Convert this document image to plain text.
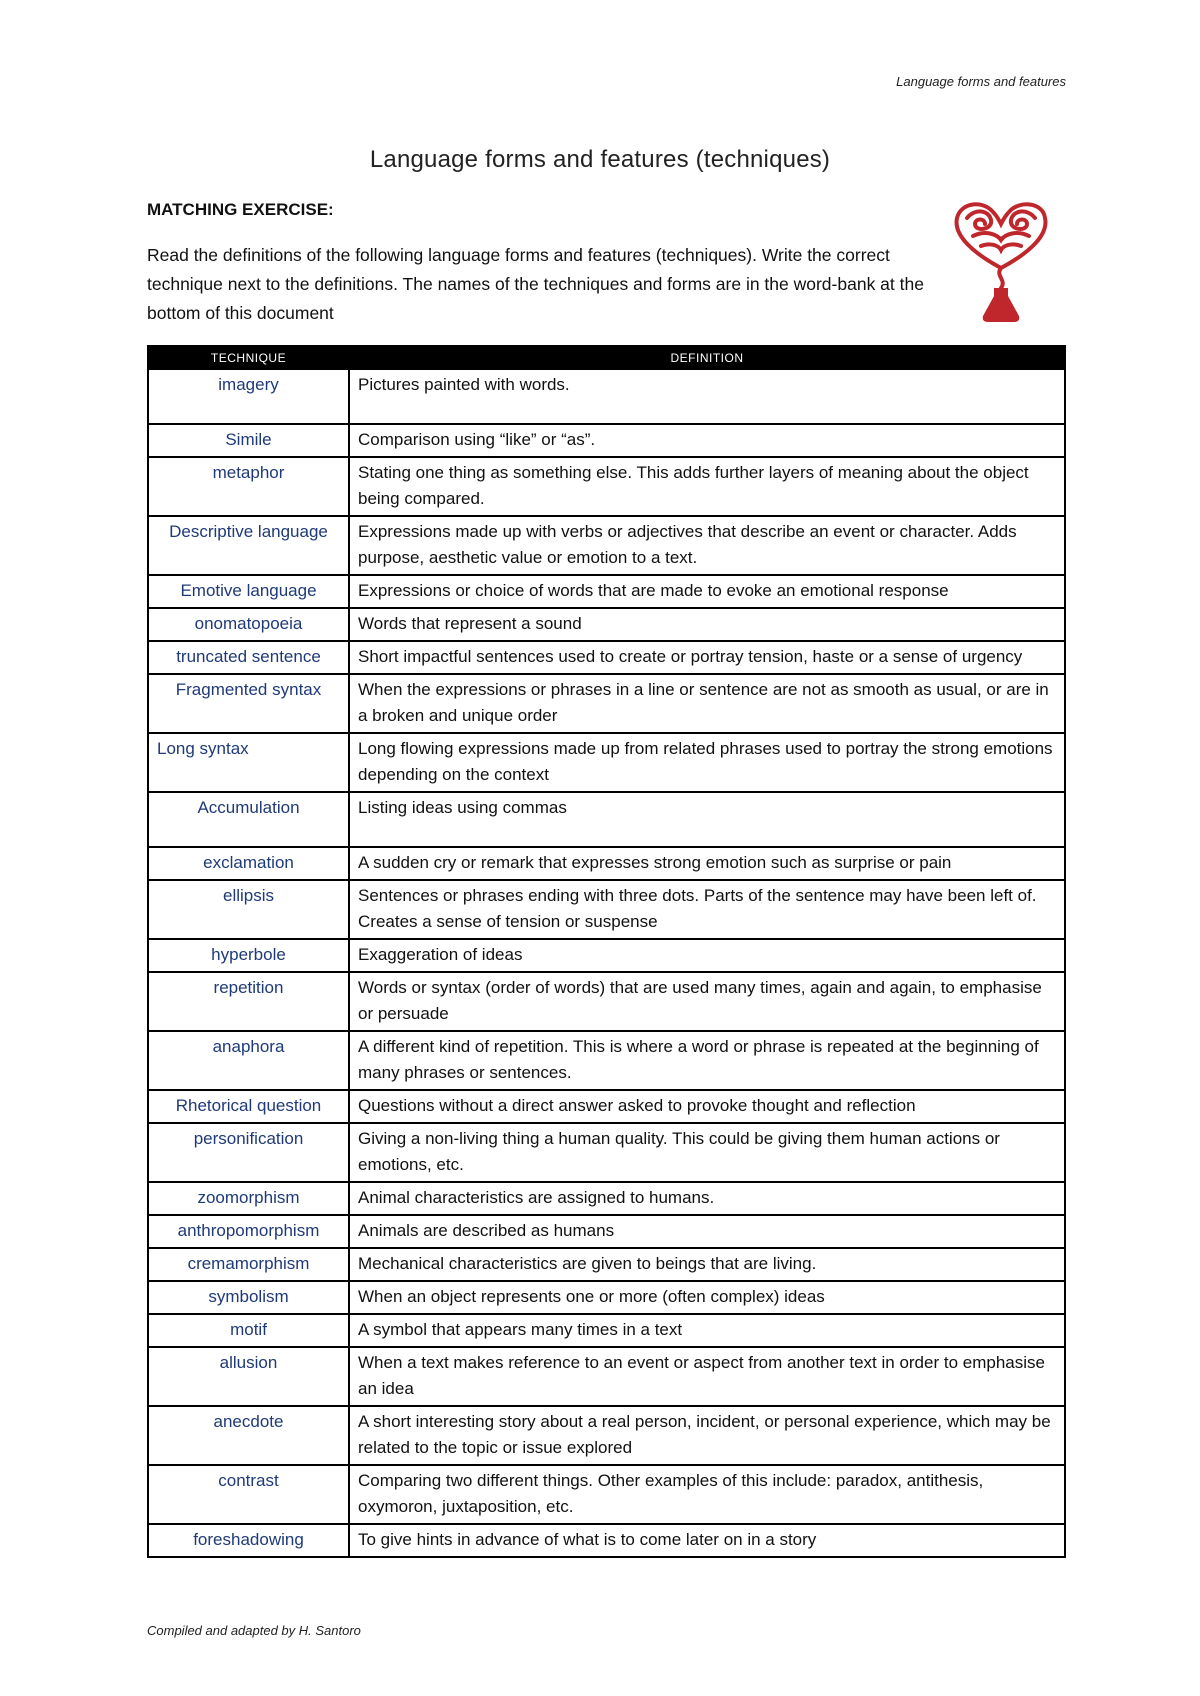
Language forms and features
Language forms and features (techniques)
MATCHING EXERCISE:
Read the definitions of the following language forms and features (techniques). Write the correct technique next to the definitions. The names of the techniques and forms are in the word-bank at the bottom of this document
TECHNIQUE	DEFINITION
imagery	Pictures painted with words.
Simile	Comparison using “like” or “as”.
metaphor	Stating one thing as something else. This adds further layers of meaning about the object being compared.
Descriptive language	Expressions made up with verbs or adjectives that describe an event or character. Adds purpose, aesthetic value or emotion to a text.
Emotive language	Expressions or choice of words that are made to evoke an emotional response
onomatopoeia	Words that represent a sound
truncated sentence	Short impactful sentences used to create or portray tension, haste or a sense of urgency
Fragmented syntax	When the expressions or phrases in a line or sentence are not as smooth as usual, or are in a broken and unique order
Long syntax	Long flowing expressions made up from related phrases used to portray the strong emotions depending on the context
Accumulation	Listing ideas using commas
exclamation	A sudden cry or remark that expresses strong emotion such as surprise or pain
ellipsis	Sentences or phrases ending with three dots. Parts of the sentence may have been left of. Creates a sense of tension or suspense
hyperbole	Exaggeration of ideas
repetition	Words or syntax (order of words) that are used many times, again and again, to emphasise or persuade
anaphora	A different kind of repetition. This is where a word or phrase is repeated at the beginning of many phrases or sentences.
Rhetorical question	Questions without a direct answer asked to provoke thought and reflection
personification	Giving a non-living thing a human quality. This could be giving them human actions or emotions, etc.
zoomorphism	Animal characteristics are assigned to humans.
anthropomorphism	Animals are described as humans
cremamorphism	Mechanical characteristics are given to beings that are living.
symbolism	When an object represents one or more (often complex) ideas
motif	A symbol that appears many times in a text
allusion	When a text makes reference to an event or aspect from another text in order to emphasise an idea
anecdote	A short interesting story about a real person, incident, or personal experience, which may be related to the topic or issue explored
contrast	Comparing two different things. Other examples of this include: paradox, antithesis, oxymoron, juxtaposition, etc.
foreshadowing	To give hints in advance of what is to come later on in a story
Compiled and adapted by H. Santoro
